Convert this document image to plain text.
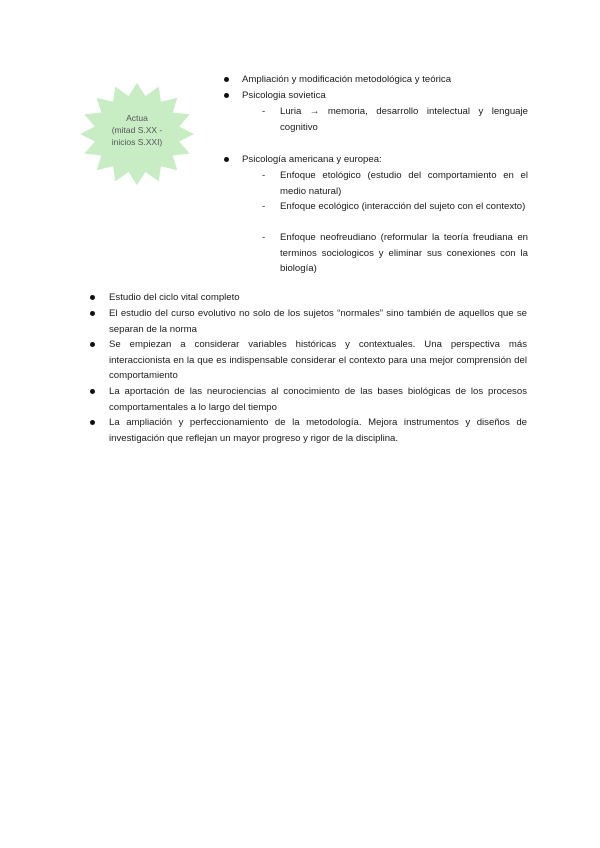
Actua
(mitad S.XX -
inicios S.XXI)
Ampliación y modificación metodológica y teórica
Psicologia sovietica
- Luria → memoria, desarrollo intelectual y lenguaje cognitivo
Psicología americana y europea:
- Enfoque etológico (estudio del comportamiento en el medio natural)
- Enfoque ecológico (interacción del sujeto con el contexto)
- Enfoque neofreudiano (reformular la teoría freudiana en terminos sociologicos y eliminar sus conexiones con la biología)
Estudio del ciclo vital completo
El estudio del curso evolutivo no solo de los sujetos “normales” sino también de aquellos que se separan de la norma
Se empiezan a considerar variables históricas y contextuales. Una perspectiva más interaccionista en la que es indispensable considerar el contexto para una mejor comprensión del comportamiento
La aportación de las neurociencias al conocimiento de las bases biológicas de los procesos comportamentales a lo largo del tiempo
La ampliación y perfeccionamiento de la metodología. Mejora instrumentos y diseños de investigación que reflejan un mayor progreso y rigor de la disciplina.
